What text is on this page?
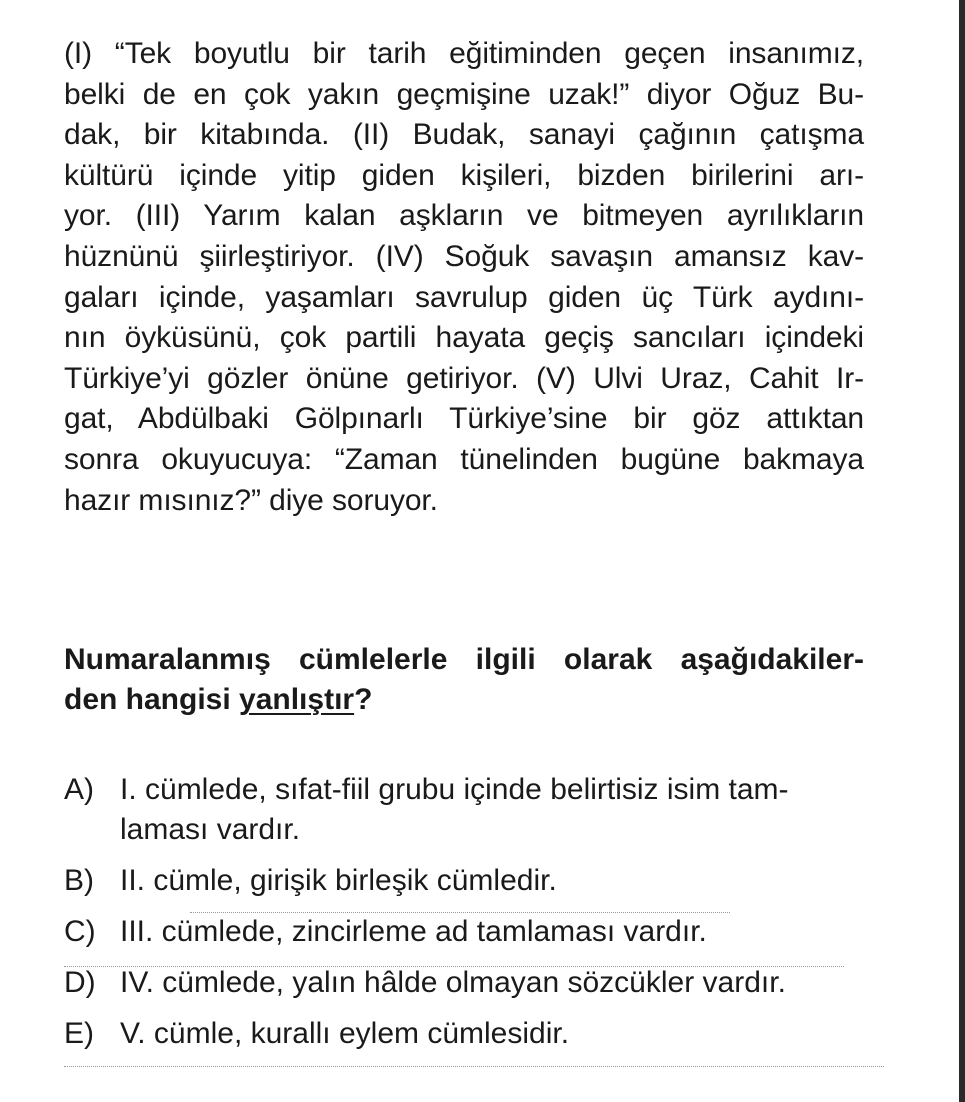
(I) “Tek boyutlu bir tarih eğitiminden geçen insanımız,
belki de en çok yakın geçmişine uzak!” diyor Oğuz Bu-
dak, bir kitabında. (II) Budak, sanayi çağının çatışma
kültürü içinde yitip giden kişileri, bizden birilerini arı-
yor. (III) Yarım kalan aşkların ve bitmeyen ayrılıkların
hüznünü şiirleştiriyor. (IV) Soğuk savaşın amansız kav-
gaları içinde, yaşamları savrulup giden üç Türk aydını-
nın öyküsünü, çok partili hayata geçiş sancıları içindeki
Türkiye’yi gözler önüne getiriyor. (V) Ulvi Uraz, Cahit Ir-
gat, Abdülbaki Gölpınarlı Türkiye’sine bir göz attıktan
sonra okuyucuya: “Zaman tünelinden bugüne bakmaya
hazır mısınız?” diye soruyor.
Numaralanmış cümlelerle ilgili olarak aşağıdakiler-
den hangisi yanlıştır?
A) I. cümlede, sıfat-fiil grubu içinde belirtisiz isim tam-
laması vardır.
B) II. cümle, girişik birleşik cümledir.
C) III. cümlede, zincirleme ad tamlaması vardır.
D) IV. cümlede, yalın hâlde olmayan sözcükler vardır.
E) V. cümle, kurallı eylem cümlesidir.
